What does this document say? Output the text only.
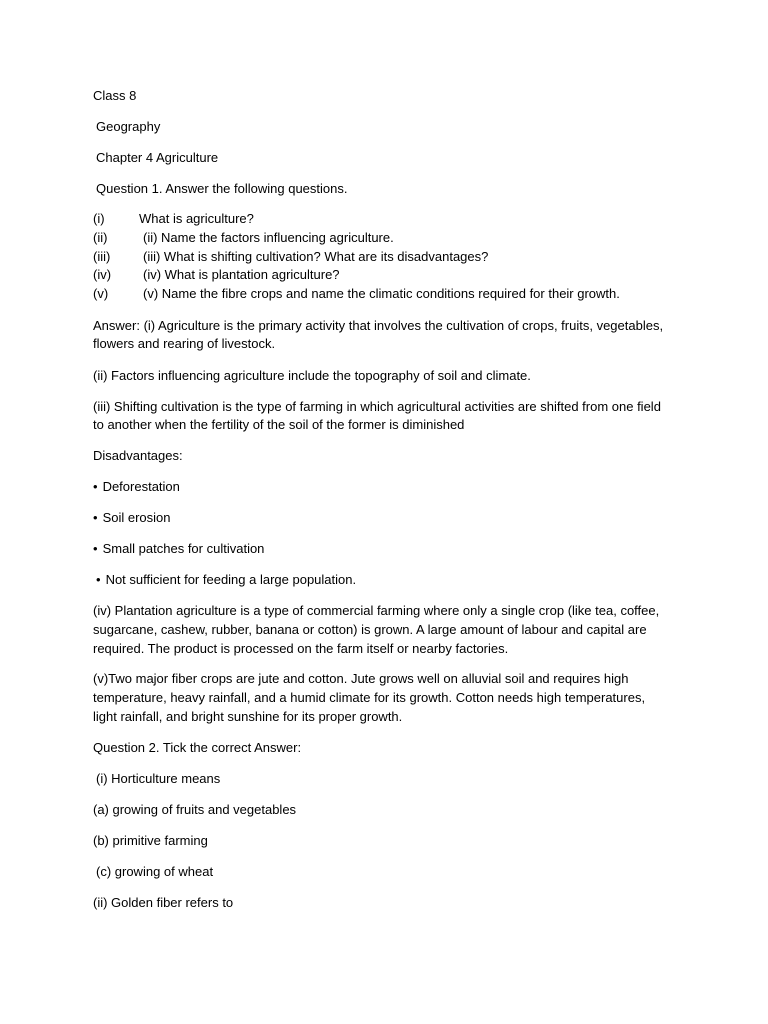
Class 8
Geography
Chapter 4 Agriculture
Question 1. Answer the following questions.
(i)	What is agriculture?
(ii)	(ii) Name the factors influencing agriculture.
(iii)	(iii) What is shifting cultivation? What are its disadvantages?
(iv) (iv) What is plantation agriculture?
(v)	(v) Name the fibre crops and name the climatic conditions required for their growth.
Answer: (i) Agriculture is the primary activity that involves the cultivation of crops, fruits, vegetables,
flowers and rearing of livestock.
(ii) Factors influencing agriculture include the topography of soil and climate.
(iii) Shifting cultivation is the type of farming in which agricultural activities are shifted from one field
to another when the fertility of the soil of the former is diminished
Disadvantages:
• Deforestation
• Soil erosion
• Small patches for cultivation
• Not sufficient for feeding a large population.
(iv) Plantation agriculture is a type of commercial farming where only a single crop (like tea, coffee,
sugarcane, cashew, rubber, banana or cotton) is grown. A large amount of labour and capital are
required. The product is processed on the farm itself or nearby factories.
(v)Two major fiber crops are jute and cotton. Jute grows well on alluvial soil and requires high
temperature, heavy rainfall, and a humid climate for its growth. Cotton needs high temperatures,
light rainfall, and bright sunshine for its proper growth.
Question 2. Tick the correct Answer:
(i) Horticulture means
(a) growing of fruits and vegetables
(b) primitive farming
(c) growing of wheat
(ii) Golden fiber refers to
